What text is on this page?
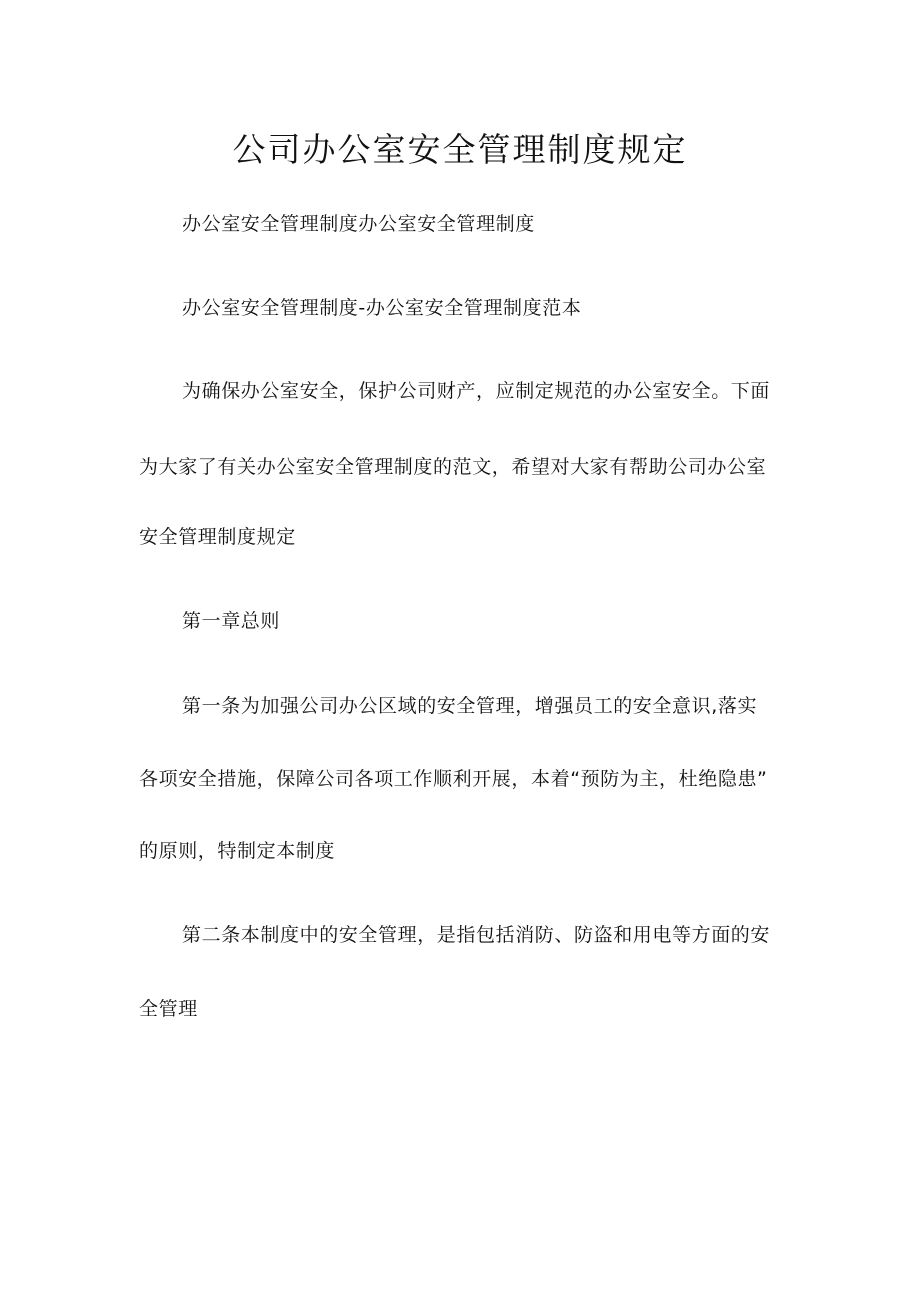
公司办公室安全管理制度规定
办公室安全管理制度办公室安全管理制度
办公室安全管理制度-办公室安全管理制度范本
为确保办公室安全，保护公司财产，应制定规范的办公室安全。下面
为大家了有关办公室安全管理制度的范文，希望对大家有帮助公司办公室
安全管理制度规定
第一章总则
第一条为加强公司办公区域的安全管理，增强员工的安全意识,落实
各项安全措施，保障公司各项工作顺利开展，本着“预防为主，杜绝隐患”
的原则，特制定本制度
第二条本制度中的安全管理，是指包括消防、防盗和用电等方面的安
全管理
